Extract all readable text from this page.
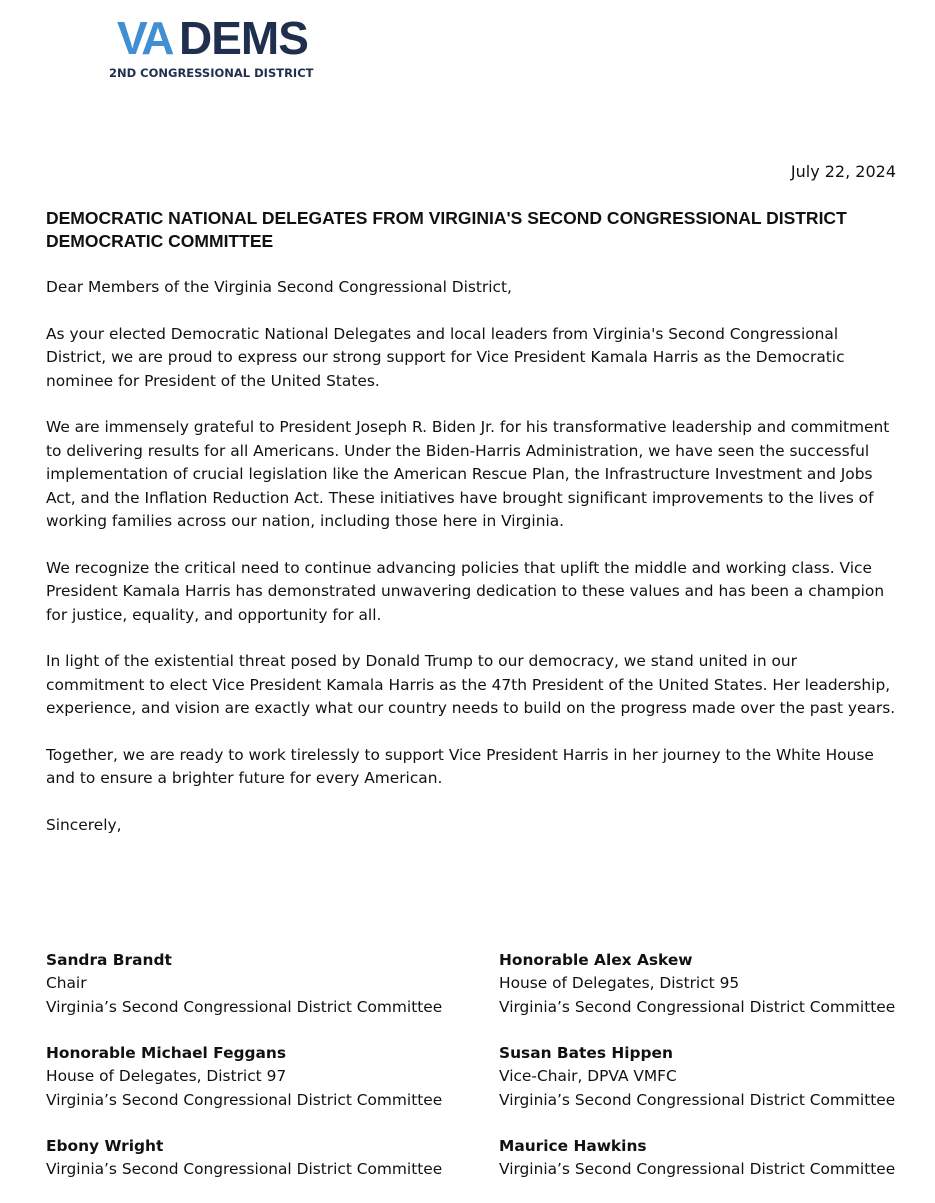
VA DEMS
2ND CONGRESSIONAL DISTRICT
July 22, 2024
DEMOCRATIC NATIONAL DELEGATES FROM VIRGINIA'S SECOND CONGRESSIONAL DISTRICT DEMOCRATIC COMMITTEE

Dear Members of the Virginia Second Congressional District,

As your elected Democratic National Delegates and local leaders from Virginia's Second Congressional District, we are proud to express our strong support for Vice President Kamala Harris as the Democratic nominee for President of the United States.

We are immensely grateful to President Joseph R. Biden Jr. for his transformative leadership and commitment to delivering results for all Americans. Under the Biden-Harris Administration, we have seen the successful implementation of crucial legislation like the American Rescue Plan, the Infrastructure Investment and Jobs Act, and the Inflation Reduction Act. These initiatives have brought significant improvements to the lives of working families across our nation, including those here in Virginia.

We recognize the critical need to continue advancing policies that uplift the middle and working class. Vice President Kamala Harris has demonstrated unwavering dedication to these values and has been a champion for justice, equality, and opportunity for all.

In light of the existential threat posed by Donald Trump to our democracy, we stand united in our commitment to elect Vice President Kamala Harris as the 47th President of the United States. Her leadership, experience, and vision are exactly what our country needs to build on the progress made over the past years.

Together, we are ready to work tirelessly to support Vice President Harris in her journey to the White House and to ensure a brighter future for every American.

Sincerely,

Sandra Brandt
Chair
Virginia’s Second Congressional District Committee
Honorable Alex Askew
House of Delegates, District 95
Virginia’s Second Congressional District Committee
Honorable Michael Feggans
House of Delegates, District 97
Virginia’s Second Congressional District Committee
Susan Bates Hippen
Vice-Chair, DPVA VMFC
Virginia’s Second Congressional District Committee
Ebony Wright
Virginia’s Second Congressional District Committee
Maurice Hawkins
Virginia’s Second Congressional District Committee
